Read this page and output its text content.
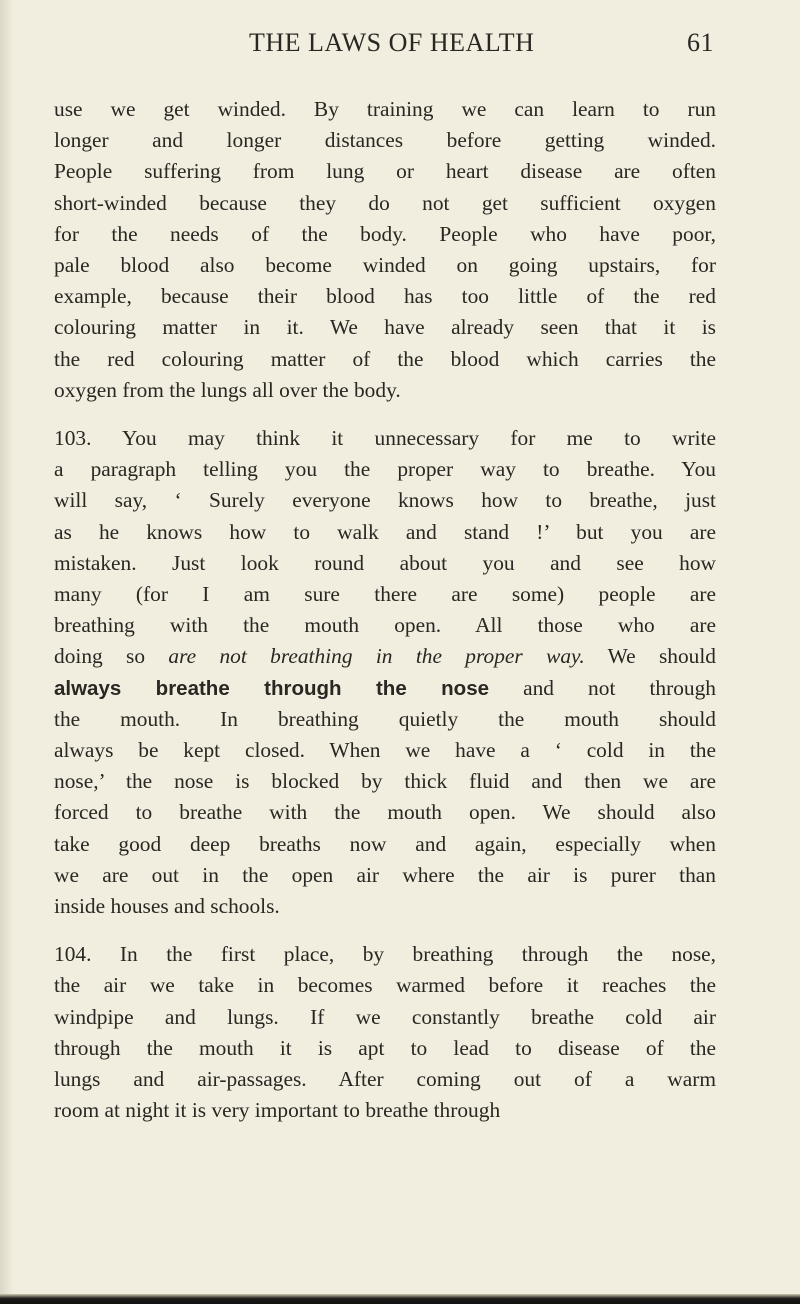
THE LAWS OF HEALTH	61

use we get winded. By training we can learn to run

longer and longer distances before getting winded.

People suffering from lung or heart disease are often

short-winded because they do not get sufficient oxygen

for the needs of the body. People who have poor,

pale blood also become winded on going upstairs, for

example, because their blood has too little of the red

colouring matter in it. We have already seen that it is

the red colouring matter of the blood which carries the

oxygen from the lungs all over the body.

103. You may think it unnecessary for me to write

a paragraph telling you the proper way to breathe. You

will say, ‘ Surely everyone knows how to breathe, just

as he knows how to walk and stand !’ but you are

mistaken. Just look round about you and see how

many (for I am sure there are some) people are

breathing with the mouth open. All those who are

doing so are not breathing in the proper way. We should

always breathe through the nose and not through

the mouth. In breathing quietly the mouth should

always be kept closed. When we have a ‘ cold in the

nose,’ the nose is blocked by thick fluid and then we are

forced to breathe with the mouth open. We should also

take good deep breaths now and again, especially when

we are out in the open air where the air is purer than

inside houses and schools.

104. In the first place, by breathing through the nose,

the air we take in becomes warmed before it reaches the

windpipe and lungs. If we constantly breathe cold air

through the mouth it is apt to lead to disease of the

lungs and air-passages. After coming out of a warm

room at night it is very important to breathe through
